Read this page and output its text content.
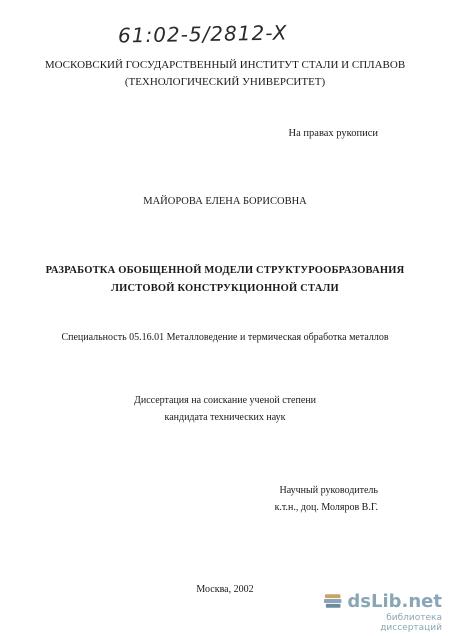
61:02-5/2812-X
МОСКОВСКИЙ ГОСУДАРСТВЕННЫЙ ИНСТИТУТ СТАЛИ И СПЛАВОВ
(ТЕХНОЛОГИЧЕСКИЙ УНИВЕРСИТЕТ)
На правах рукописи
МАЙОРОВА ЕЛЕНА БОРИСОВНА
РАЗРАБОТКА ОБОБЩЕННОЙ МОДЕЛИ СТРУКТУРООБРАЗОВАНИЯ
ЛИСТОВОЙ КОНСТРУКЦИОННОЙ СТАЛИ
Специальность 05.16.01 Металловедение и термическая обработка металлов
Диссертация на соискание ученой степени
кандидата технических наук
Научный руководитель
к.т.н., доц. Моляров В.Г.
Москва, 2002
dsLib.net
библиотека диссертаций
